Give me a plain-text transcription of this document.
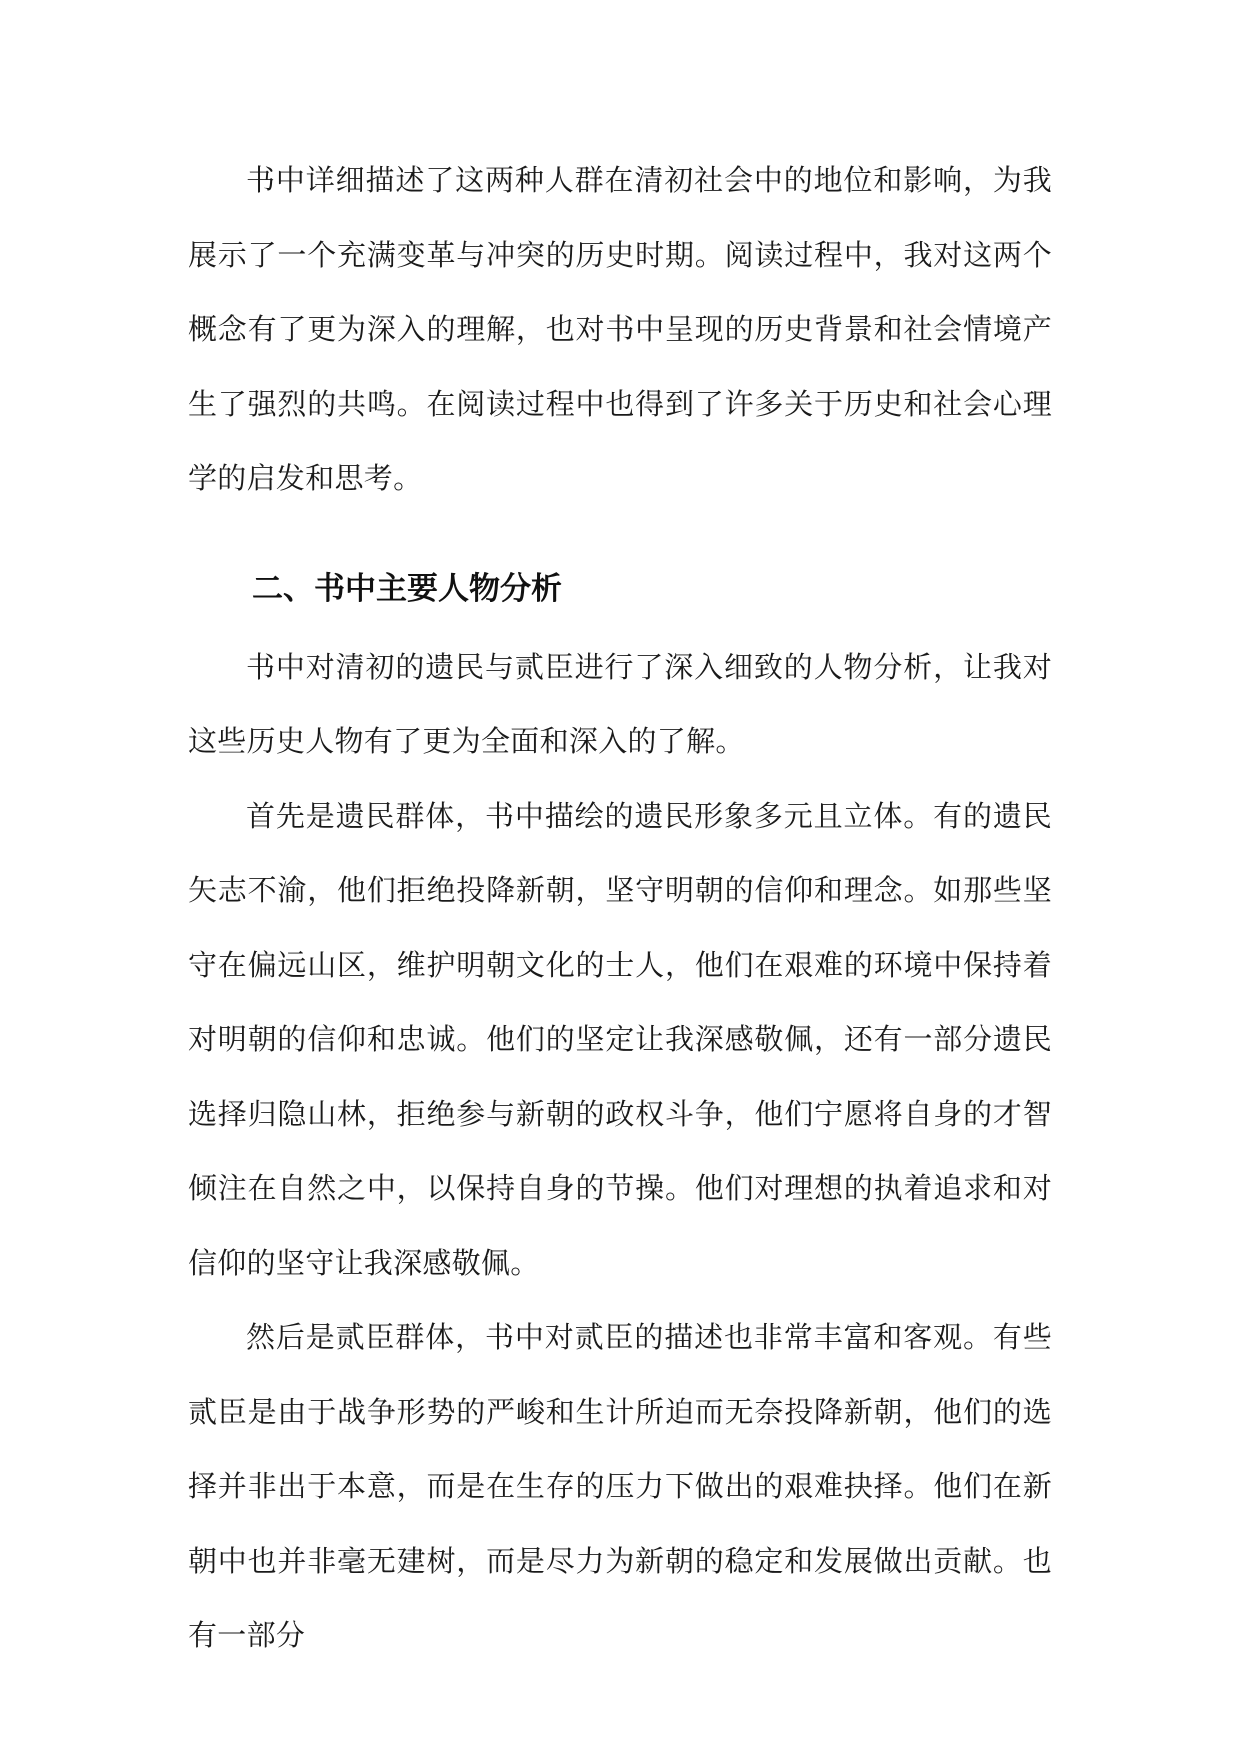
书中详细描述了这两种人群在清初社会中的地位和影响，为我展示了一个充满变革与冲突的历史时期。阅读过程中，我对这两个概念有了更为深入的理解，也对书中呈现的历史背景和社会情境产生了强烈的共鸣。在阅读过程中也得到了许多关于历史和社会心理学的启发和思考。

二、书中主要人物分析

书中对清初的遗民与贰臣进行了深入细致的人物分析，让我对这些历史人物有了更为全面和深入的了解。

首先是遗民群体，书中描绘的遗民形象多元且立体。有的遗民矢志不渝，他们拒绝投降新朝，坚守明朝的信仰和理念。如那些坚守在偏远山区，维护明朝文化的士人，他们在艰难的环境中保持着对明朝的信仰和忠诚。他们的坚定让我深感敬佩，还有一部分遗民选择归隐山林，拒绝参与新朝的政权斗争，他们宁愿将自身的才智倾注在自然之中，以保持自身的节操。他们对理想的执着追求和对信仰的坚守让我深感敬佩。

然后是贰臣群体，书中对贰臣的描述也非常丰富和客观。有些贰臣是由于战争形势的严峻和生计所迫而无奈投降新朝，他们的选择并非出于本意，而是在生存的压力下做出的艰难抉择。他们在新朝中也并非毫无建树，而是尽力为新朝的稳定和发展做出贡献。也有一部分
